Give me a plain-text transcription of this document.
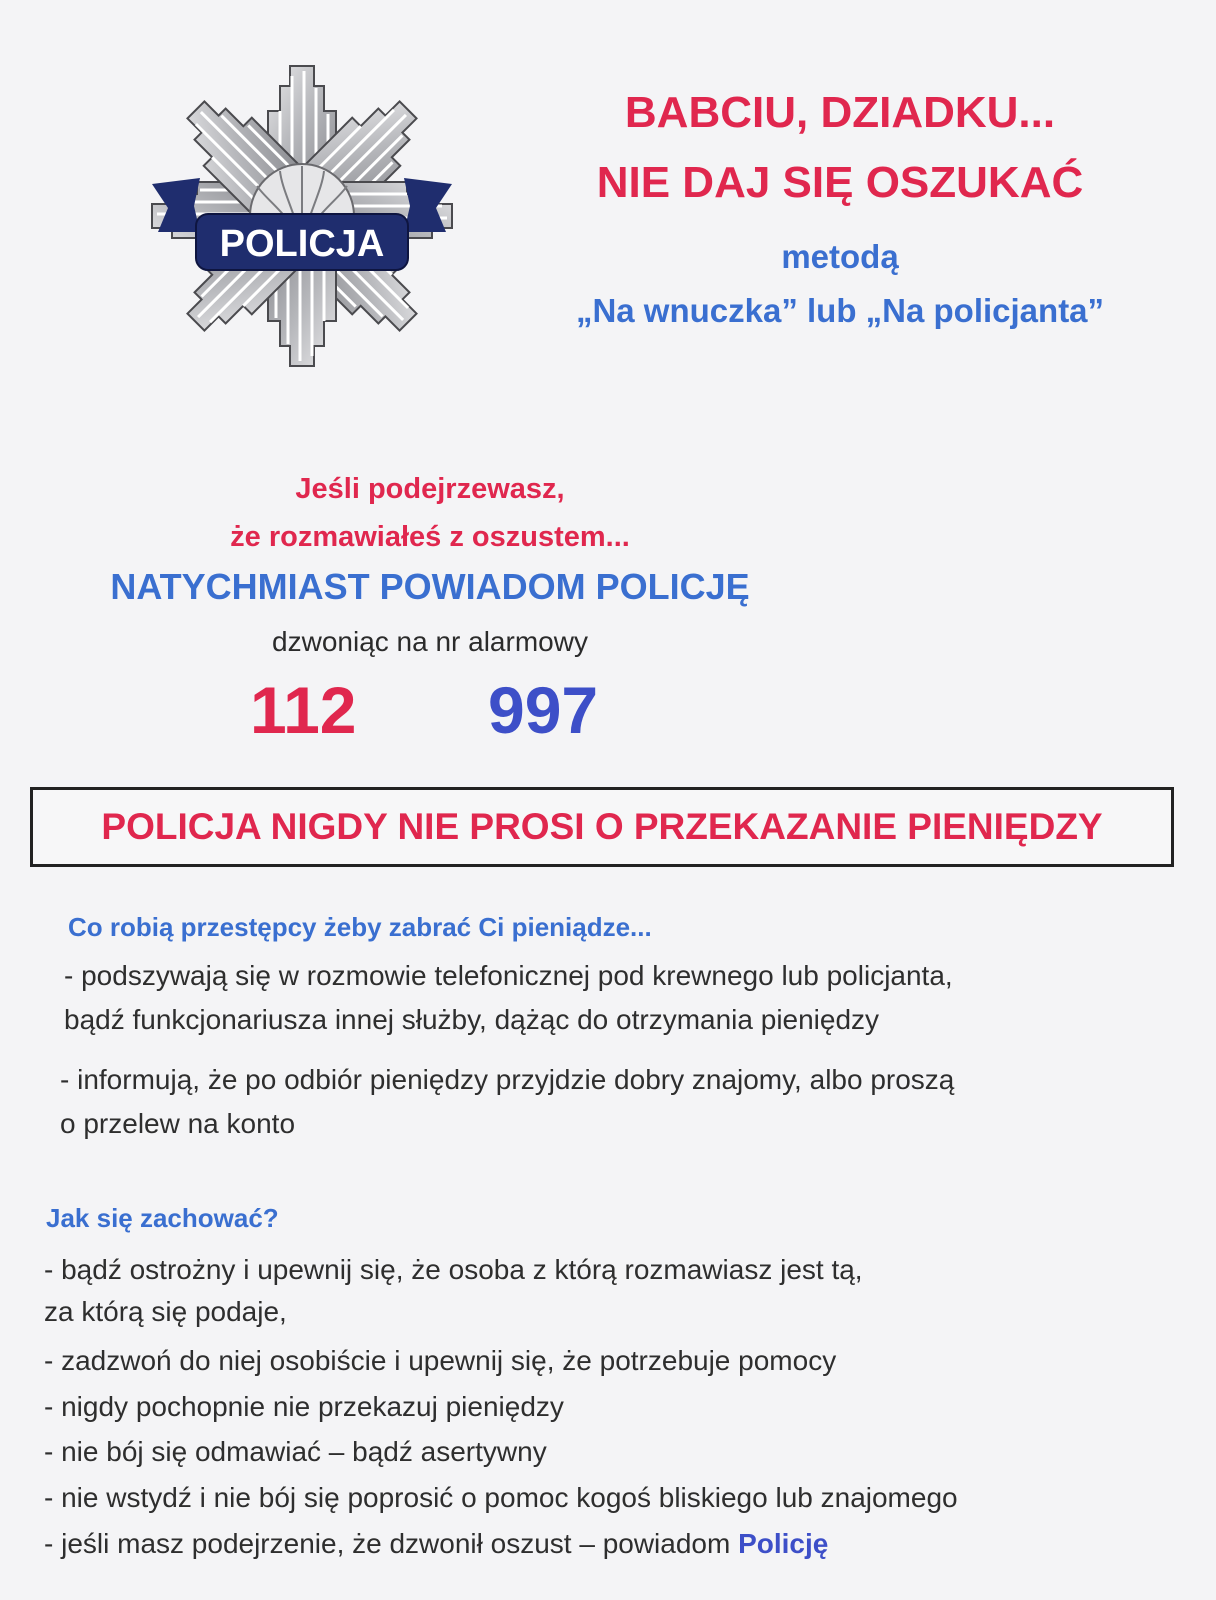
POLICJA
BABCIU, DZIADKU...
NIE DAJ SIĘ OSZUKAĆ
metodą
„Na wnuczka” lub „Na policjanta”
Jeśli podejrzewasz,
że rozmawiałeś z oszustem...
NATYCHMIAST POWIADOM POLICJĘ
dzwoniąc na nr alarmowy
112 997
POLICJA NIGDY NIE PROSI O PRZEKAZANIE PIENIĘDZY
Co robią przestępcy żeby zabrać Ci pieniądze...
- podszywają się w rozmowie telefonicznej pod krewnego lub policjanta,
bądź funkcjonariusza innej służby, dążąc do otrzymania pieniędzy
- informują, że po odbiór pieniędzy przyjdzie dobry znajomy, albo proszą
o przelew na konto
Jak się zachować?
- bądź ostrożny i upewnij się, że osoba z którą rozmawiasz jest tą,
za którą się podaje,
- zadzwoń do niej osobiście i upewnij się, że potrzebuje pomocy
- nigdy pochopnie nie przekazuj pieniędzy
- nie bój się odmawiać – bądź asertywny
- nie wstydź i nie bój się poprosić o pomoc kogoś bliskiego lub znajomego
- jeśli masz podejrzenie, że dzwonił oszust – powiadom Policję
